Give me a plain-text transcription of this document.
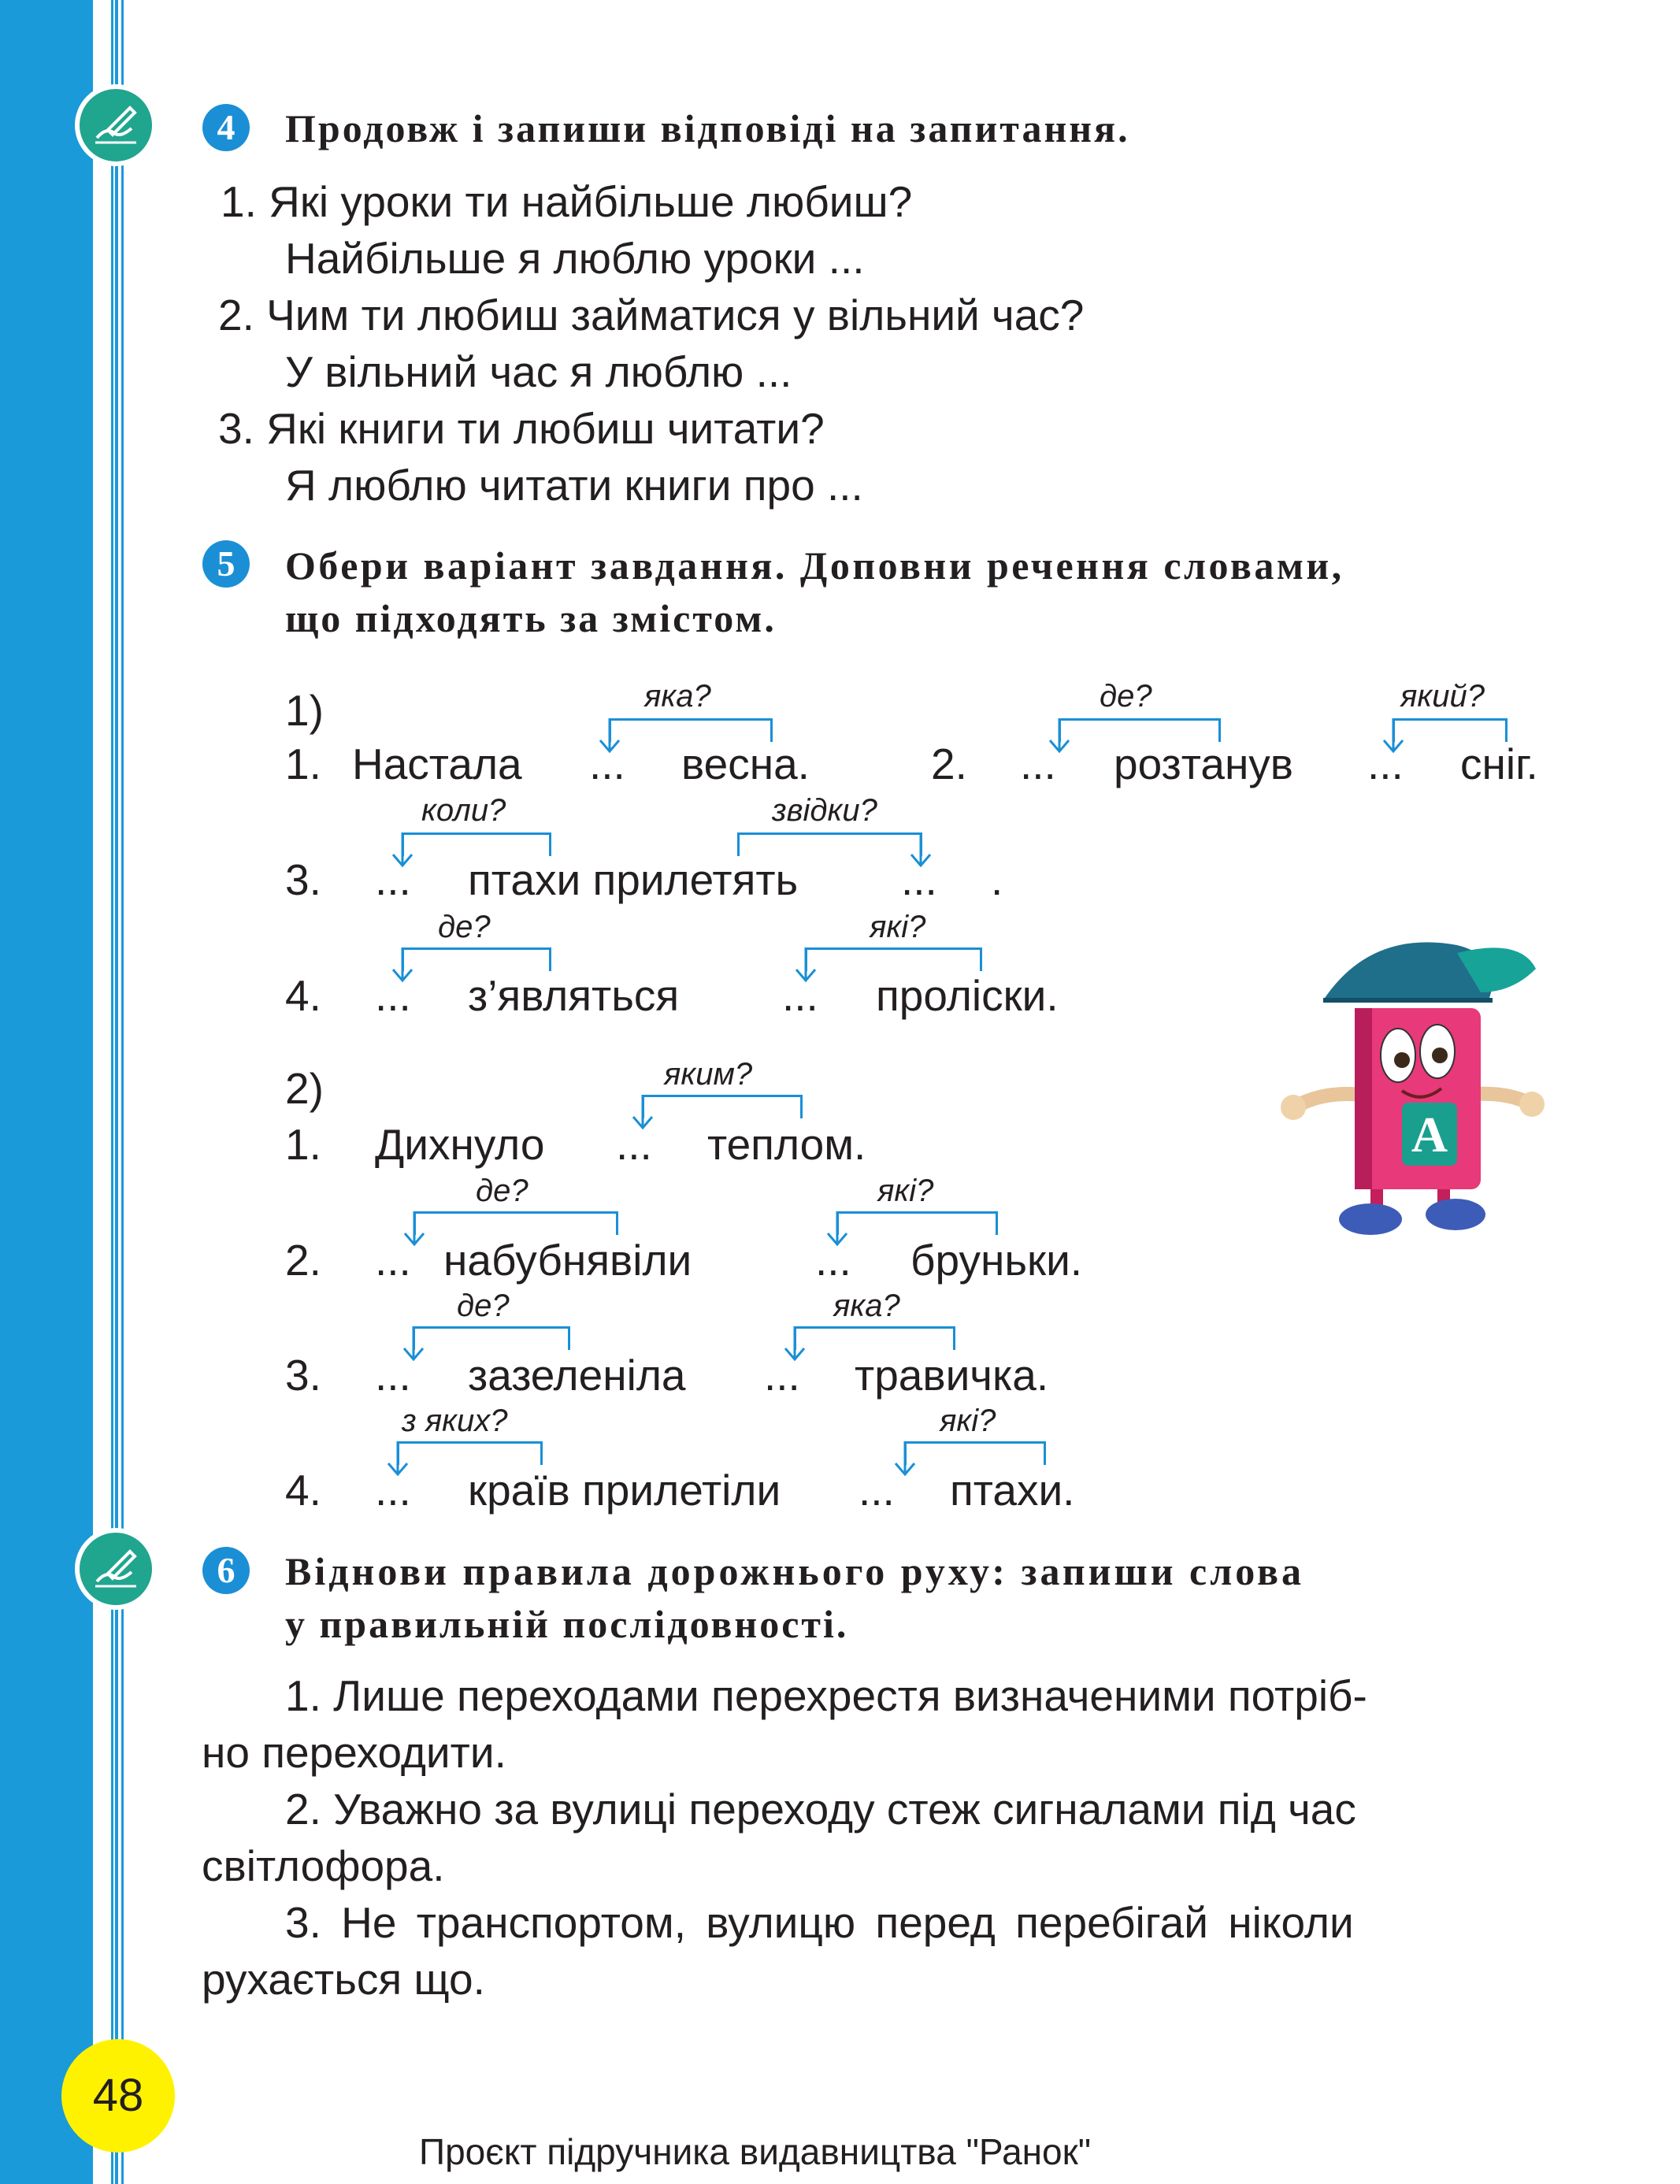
4	Продовж і запиши відповіді на запитання.
1. Які уроки ти найбільше любиш?
Найбільше я люблю уроки ...
2. Чим ти любиш займатися у вільний час?
У вільний час я люблю ...
3. Які книги ти любиш читати?
Я люблю читати книги про ...
5	Обери варіант завдання. Доповни речення словами,
що підходять за змістом.
1)	яка?
1. Настала ... весна.
де?	який?
2. ... розтанув ... сніг.
коли?	звідки?
3. ... птахи прилетять ... .
де?	які?
4. ... з’являться ... проліски.
2)	яким?
1. Дихнуло ... теплом.
де?	які?
2. ... набубнявіли	... бруньки.
де?	яка?
3. ... зазеленіла ... травичка.
з яких?	які?
4. ... країв прилетіли ... птахи.
А
6	Віднови правила дорожнього руху: запиши слова
у правильній послідовності.
1. Лише переходами перехрестя визначеними потріб-
но переходити.
2. Уважно за вулиці переходу стеж сигналами під час
світлофора.
3. Не транспортом, вулицю перед перебігай ніколи
рухається що.
48
Проєкт підручника видавництва "Ранок"
